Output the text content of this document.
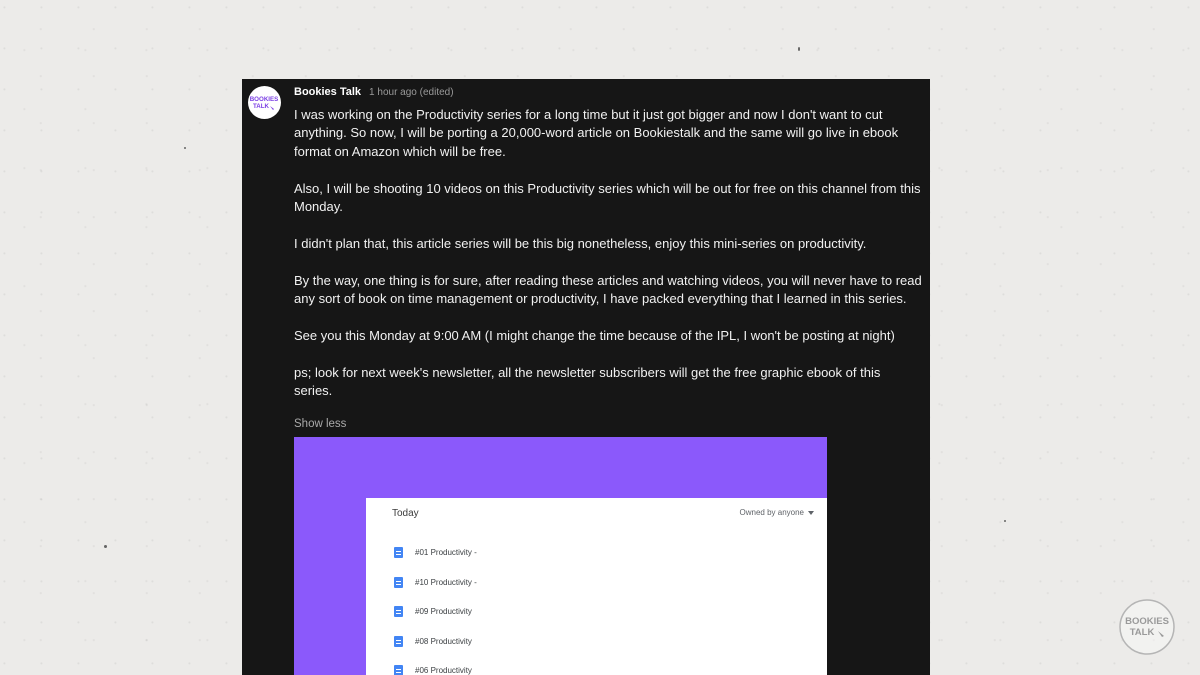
BOOKIES
TALK
Bookies Talk 1 hour ago (edited)

I was working on the Productivity series for a long time but it just got bigger and now I don't want to cut anything. So now, I will be porting a 20,000-word article on Bookiestalk and the same will go live in ebook format on Amazon which will be free.

Also, I will be shooting 10 videos on this Productivity series which will be out for free on this channel from this Monday.

I didn't plan that, this article series will be this big nonetheless, enjoy this mini-series on productivity.

By the way, one thing is for sure, after reading these articles and watching videos, you will never have to read any sort of book on time management or productivity, I have packed everything that I learned in this series.

See you this Monday at 9:00 AM (I might change the time because of the IPL, I won't be posting at night)

ps; look for next week's newsletter, all the newsletter subscribers will get the free graphic ebook of this series.

Show less
Today	Owned by anyone
#01 Productivity -
#10 Productivity -
#09 Productivity
#08 Productivity
#06 Productivity
BOOKIES
TALK
